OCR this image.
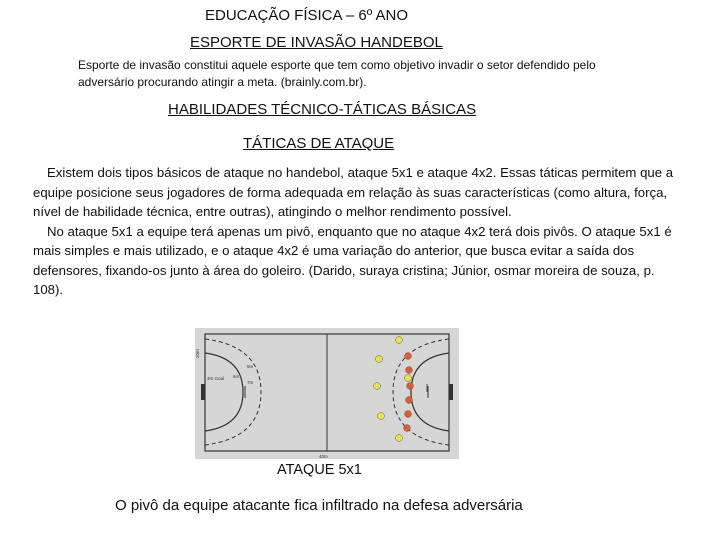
EDUCAÇÃO FÍSICA – 6º ANO
ESPORTE DE INVASÃO HANDEBOL
Esporte de invasão constitui aquele esporte que tem como objetivo invadir o setor defendido pelo adversário procurando atingir a meta. (brainly.com.br).
HABILIDADES TÉCNICO-TÁTICAS BÁSICAS
TÁTICAS DE ATAQUE

Existem dois tipos básicos de ataque no handebol, ataque 5x1 e ataque 4x2. Essas táticas permitem que a equipe posicione seus jogadores de forma adequada em relação às suas características (como altura, força, nível de habilidade técnica, entre outras), atingindo o melhor rendimento possível.

No ataque 5x1 a equipe terá apenas um pivô, enquanto que no ataque 4x2 terá dois pivôs. O ataque 5x1 é mais simples e mais utilizado, e o ataque 4x2 é uma variação do anterior, que busca evitar a saída dos defensores, fixando-os junto à área do goleiro. (Darido, suraya cristina; Júnior, osmar moreira de souza, p. 108).

3m Goal
9m
6m
7m
40m
20m
ATAQUE 5x1
O pivô da equipe atacante fica infiltrado na defesa adversária
